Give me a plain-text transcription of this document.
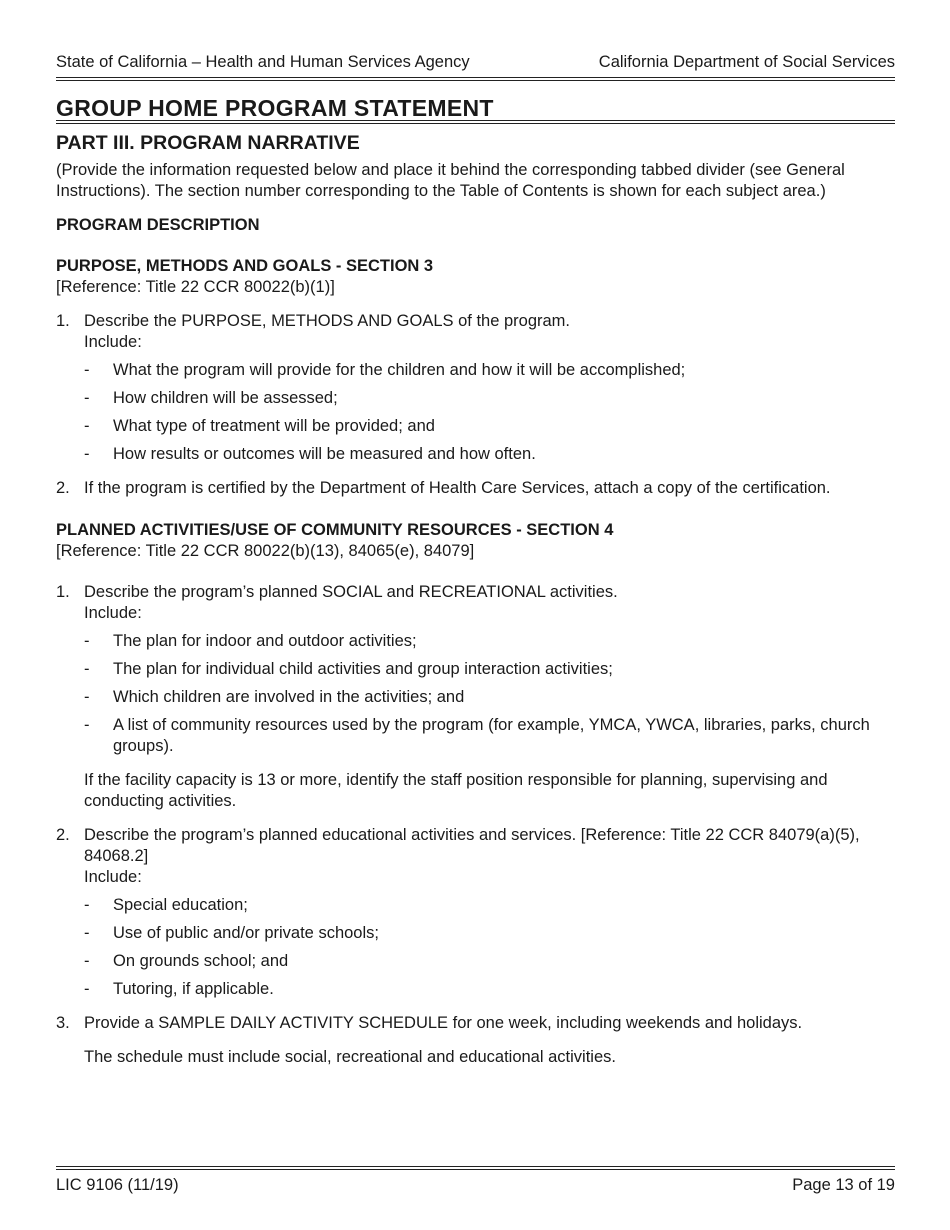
State of California – Health and Human Services Agency	California Department of Social Services
GROUP HOME PROGRAM STATEMENT
PART III. PROGRAM NARRATIVE

(Provide the information requested below and place it behind the corresponding tabbed divider (see General Instructions). The section number corresponding to the Table of Contents is shown for each subject area.)

PROGRAM DESCRIPTION

PURPOSE, METHODS AND GOALS - SECTION 3

[Reference: Title 22 CCR 80022(b)(1)]

1. Describe the PURPOSE, METHODS AND GOALS of the program.

Include:

-	What the program will provide for the children and how it will be accomplished;
-	How children will be assessed;
-	What type of treatment will be provided; and
-	How results or outcomes will be measured and how often.
2. If the program is certified by the Department of Health Care Services, attach a copy of the certification.

PLANNED ACTIVITIES/USE OF COMMUNITY RESOURCES - SECTION 4

[Reference: Title 22 CCR 80022(b)(13), 84065(e), 84079]

1. Describe the program’s planned SOCIAL and RECREATIONAL activities.

Include:

-	The plan for indoor and outdoor activities;
-	The plan for individual child activities and group interaction activities;
-	Which children are involved in the activities; and
-	A list of community resources used by the program (for example, YMCA, YWCA, libraries, parks, church groups).

If the facility capacity is 13 or more, identify the staff position responsible for planning, supervising and conducting activities.

2. Describe the program’s planned educational activities and services. [Reference: Title 22 CCR 84079(a)(5), 84068.2]

Include:

-	Special education;
-	Use of public and/or private schools;
-	On grounds school; and
-	Tutoring, if applicable.
3. Provide a SAMPLE DAILY ACTIVITY SCHEDULE for one week, including weekends and holidays.

The schedule must include social, recreational and educational activities.

LIC 9106 (11/19)	Page 13 of 19
